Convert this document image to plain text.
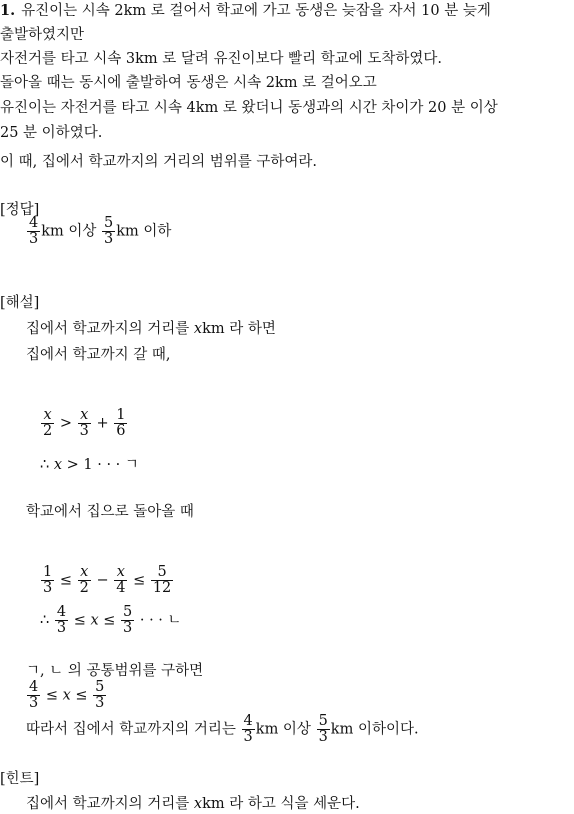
1. 유진이는 시속 2km 로 걸어서 학교에 가고 동생은 늦잠을 자서 10 분 늦게
출발하였지만
자전거를 타고 시속 3km 로 달려 유진이보다 빨리 학교에 도착하였다.
돌아올 때는 동시에 출발하여 동생은 시속 2km 로 걸어오고
유진이는 자전거를 타고 시속 4km 로 왔더니 동생과의 시간 차이가 20 분 이상
25 분 이하였다.
이 때, 집에서 학교까지의 거리의 범위를 구하여라.
[정답]
$\frac{4}{3}$ km 이상 $\frac{5}{3}$ km 이하
[해설]
집에서 학교까지의 거리를 xkm 라 하면
집에서 학교까지 갈 때,
$\frac{x}{2} > \frac{x}{3} + \frac{1}{6}$
∴ x > 1 · · · ㄱ
학교에서 집으로 돌아올 때
$\frac{1}{3} \le \frac{x}{2} - \frac{x}{4} \le \frac{5}{12}$
∴ $\frac{4}{3} \le x \le \frac{5}{3}$ · · · ㄴ
ㄱ, ㄴ 의 공통범위를 구하면
$\frac{4}{3} \le x \le \frac{5}{3}$
따라서 집에서 학교까지의 거리는 $\frac{4}{3}$ km 이상 $\frac{5}{3}$ km 이하이다.
[힌트]
집에서 학교까지의 거리를 xkm 라 하고 식을 세운다.
